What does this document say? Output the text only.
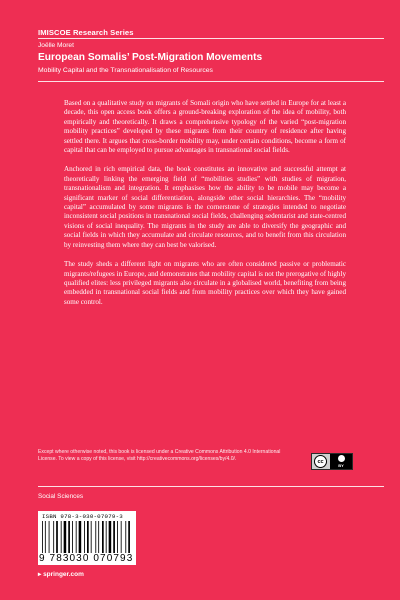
IMISCOE Research Series
Joëlle Moret
European Somalis’ Post-Migration Movements
Mobility Capital and the Transnationalisation of Resources

Based on a qualitative study on migrants of Somali origin who have settled in Europe for at least a decade, this open access book offers a ground-breaking exploration of the idea of mobility, both empirically and theoretically. It draws a comprehensive typology of the varied “post-migration mobility practices” developed by these migrants from their country of residence after having settled there. It argues that cross-border mobility may, under certain conditions, become a form of capital that can be employed to pursue advantages in transnational social fields.

Anchored in rich empirical data, the book constitutes an innovative and successful attempt at theoretically linking the emerging field of “mobilities studies” with studies of migration, transnationalism and integration. It emphasises how the ability to be mobile may become a significant marker of social differentiation, alongside other social hierarchies. The “mobility capital” accumulated by some migrants is the cornerstone of strategies intended to negotiate inconsistent social positions in transnational social fields, challenging sedentarist and state-centred visions of social inequality. The migrants in the study are able to diversify the geographic and social fields in which they accumulate and circulate resources, and to benefit from this circulation by reinvesting them where they can best be valorised.

The study sheds a different light on migrants who are often considered passive or problematic migrants/refugees in Europe, and demonstrates that mobility capital is not the prerogative of highly qualified elites: less privileged migrants also circulate in a globalised world, benefiting from being embedded in transnational social fields and from mobility practices over which they have gained some control.

Except where otherwise noted, this book is licensed under a Creative Commons Attribution 4.0 International License. To view a copy of this license, visit http://creativecommons.org/licenses/by/4.0/.	cc
BY
Social Sciences
ISBN 978-3-030-07079-3
9 783030 070793
▸ springer.com
